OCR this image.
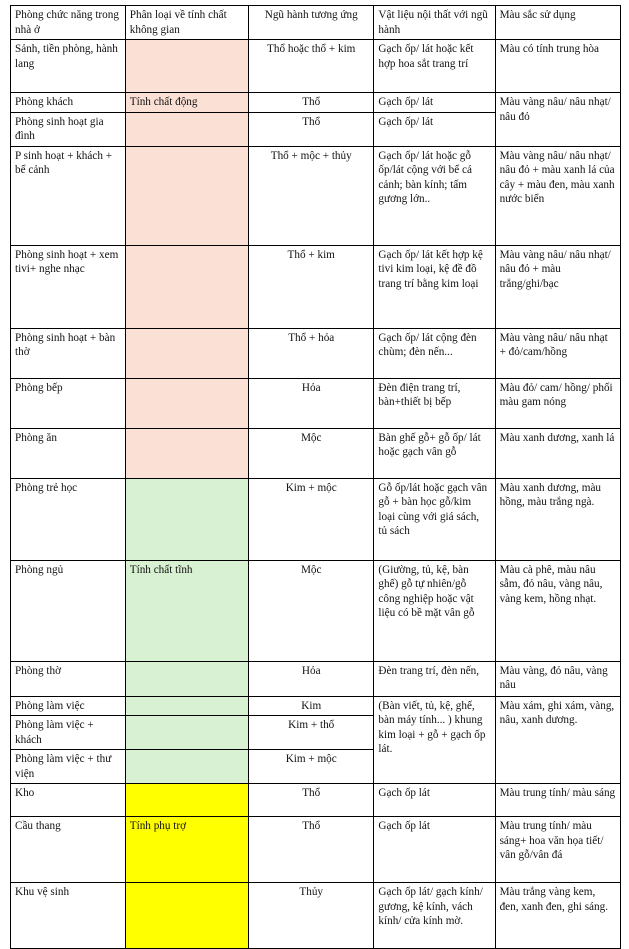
Phòng chức năng trong nhà ở	Phân loại về tính chất không gian	Ngũ hành tương ứng	Vật liệu nội thất với ngũ hành	Màu sắc sử dụng
Sảnh, tiền phòng, hành lang		Thổ hoặc thổ + kim	Gạch ốp/ lát hoặc kết hợp hoa sắt trang trí	Màu có tính trung hòa
Phòng khách	Tính chất động	Thổ	Gạch ốp/ lát	Màu vàng nâu/ nâu nhạt/ nâu đỏ
Phòng sinh hoạt gia đình		Thổ	Gạch ốp/ lát	
P sinh hoạt + khách + bể cảnh		Thổ + mộc + thủy	Gạch ốp/ lát hoặc gỗ ốp/lát cộng với bể cá cảnh; bàn kính; tấm gương lớn..	Màu vàng nâu/ nâu nhạt/ nâu đỏ + màu xanh lá của cây + màu đen, màu xanh nước biển
Phòng sinh hoạt + xem tivi+ nghe nhạc		Thổ + kim	Gạch ốp/ lát kết hợp kệ tivi kim loại, kệ đề đồ trang trí bằng kim loại	Màu vàng nâu/ nâu nhạt/ nâu đỏ + màu trắng/ghi/bạc
Phòng sinh hoạt + bàn thờ		Thổ + hỏa	Gạch ốp/ lát cộng đèn chùm; đèn nến...	Màu vàng nâu/ nâu nhạt + đỏ/cam/hồng
Phòng bếp		Hỏa	Đèn điện trang trí, bàn+thiết bị bếp	Màu đỏ/ cam/ hồng/ phối màu gam nóng
Phòng ăn		Mộc	Bàn ghế gỗ+ gỗ ốp/ lát hoặc gạch vân gỗ	Màu xanh dương, xanh lá
Phòng trẻ học		Kim + mộc	Gỗ ốp/lát hoặc gạch vân gỗ + bàn học gỗ/kim loại cùng với giá sách, tủ sách	Màu xanh dương, màu hồng, màu trắng ngà.
Phòng ngủ	Tính chất tĩnh	Mộc	(Giường, tủ, kệ, bàn ghế) gỗ tự nhiên/gỗ công nghiệp hoặc vật liệu có bề mặt vân gỗ	Màu cà phê, màu nâu sẫm, đỏ nâu, vàng nâu, vàng kem, hồng nhạt.
Phòng thờ		Hỏa	Đèn trang trí, đèn nến,	Màu vàng, đỏ nâu, vàng nâu
Phòng làm việc		Kim	(Bàn viết, tủ, kệ, ghế, bàn máy tính... ) khung kim loại + gỗ + gạch ốp lát.	Màu xám, ghi xám, vàng, nâu, xanh dương.
Phòng làm việc + khách		Kim + thổ		
Phòng làm việc + thư viện		Kim + mộc		
Kho		Thổ	Gạch ốp lát	Màu trung tính/ màu sáng
Cầu thang	Tính phụ trợ	Thổ	Gạch ốp lát	Màu trung tính/ màu sáng+ hoa văn họa tiết/ vân gỗ/vân đá
Khu vệ sinh		Thủy	Gạch ốp lát/ gạch kính/ gương, kệ kính, vách kính/ cửa kính mờ.	Màu trắng vàng kem, đen, xanh đen, ghi sáng.
